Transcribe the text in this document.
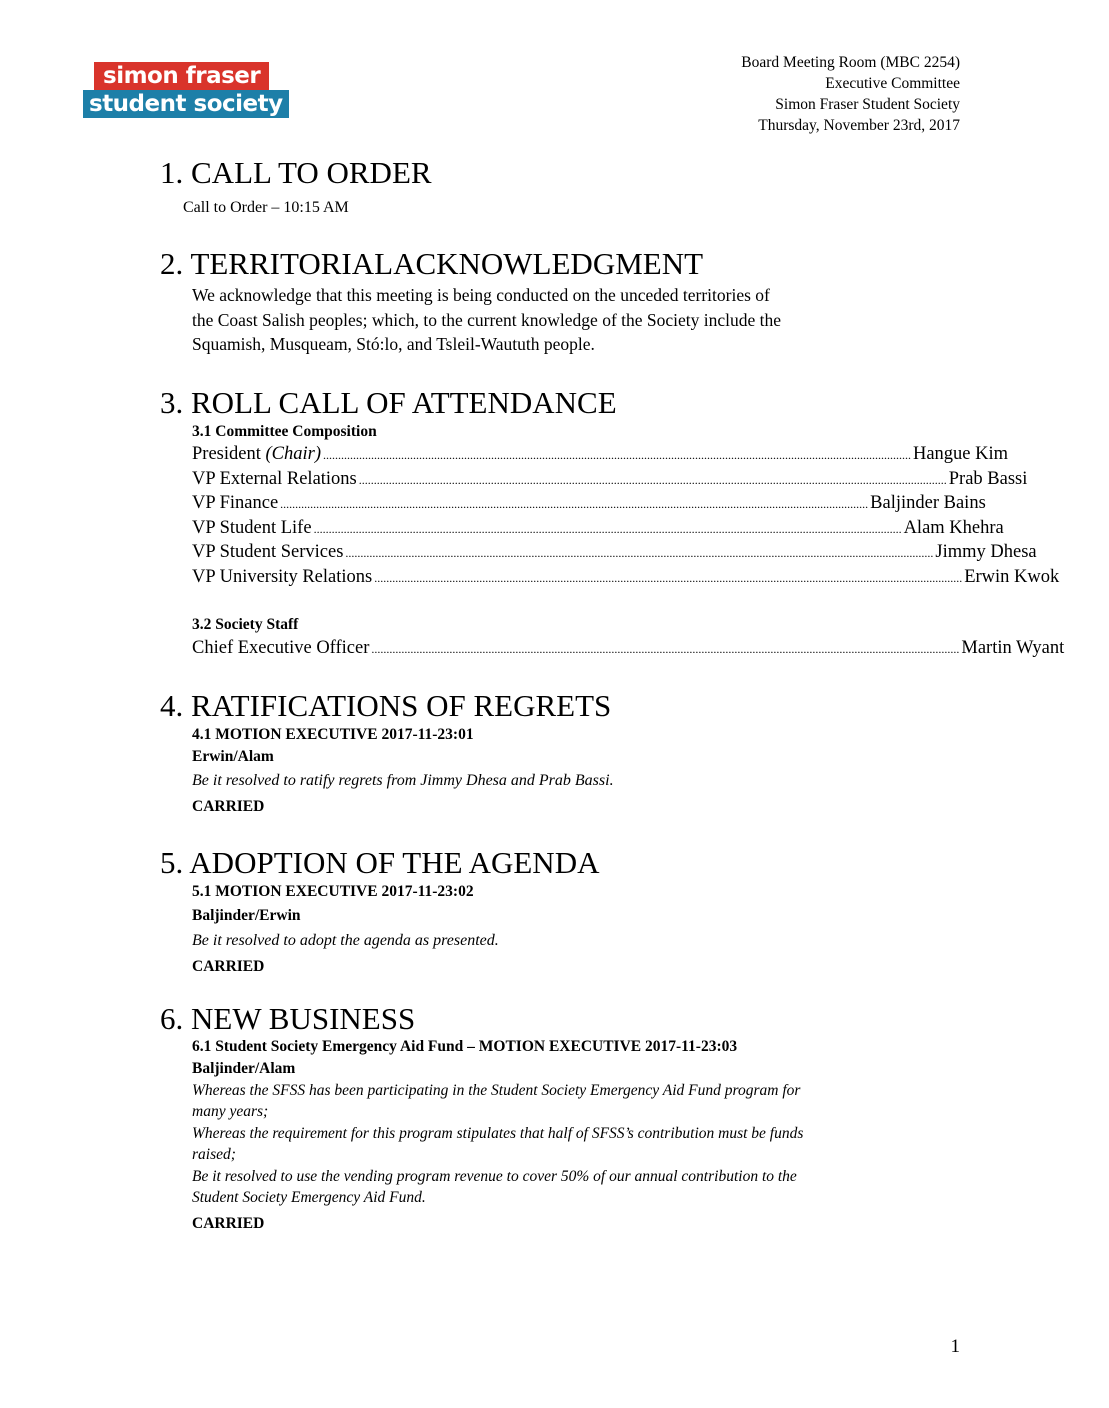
simon fraser
student society
Board Meeting Room (MBC 2254)
Executive Committee
Simon Fraser Student Society
Thursday, November 23rd, 2017
1. CALL TO ORDER
Call to Order – 10:15 AM
2. TERRITORIALACKNOWLEDGMENT
We acknowledge that this meeting is being conducted on the unceded territories of
the Coast Salish peoples; which, to the current knowledge of the Society include the
Squamish, Musqueam, Stó:lo, and Tsleil-Waututh people.
3. ROLL CALL OF ATTENDANCE
3.1 Committee Composition
President (Chair) .................................................................................................................................................................................................... Hangue Kim
VP External Relations .................................................................................................................................................................................................... Prab Bassi
VP Finance .................................................................................................................................................................................................... Baljinder Bains
VP Student Life .................................................................................................................................................................................................... Alam Khehra
VP Student Services .................................................................................................................................................................................................... Jimmy Dhesa
VP University Relations .................................................................................................................................................................................................... Erwin Kwok
3.2 Society Staff
Chief Executive Officer .................................................................................................................................................................................................... Martin Wyant
4. RATIFICATIONS OF REGRETS
4.1 MOTION EXECUTIVE 2017-11-23:01
Erwin/Alam
Be it resolved to ratify regrets from Jimmy Dhesa and Prab Bassi.
CARRIED
5. ADOPTION OF THE AGENDA
5.1 MOTION EXECUTIVE 2017-11-23:02
Baljinder/Erwin
Be it resolved to adopt the agenda as presented.
CARRIED
6. NEW BUSINESS
6.1 Student Society Emergency Aid Fund – MOTION EXECUTIVE 2017-11-23:03
Baljinder/Alam
Whereas the SFSS has been participating in the Student Society Emergency Aid Fund program for
many years;
Whereas the requirement for this program stipulates that half of SFSS’s contribution must be funds
raised;
Be it resolved to use the vending program revenue to cover 50% of our annual contribution to the
Student Society Emergency Aid Fund.
CARRIED
1
